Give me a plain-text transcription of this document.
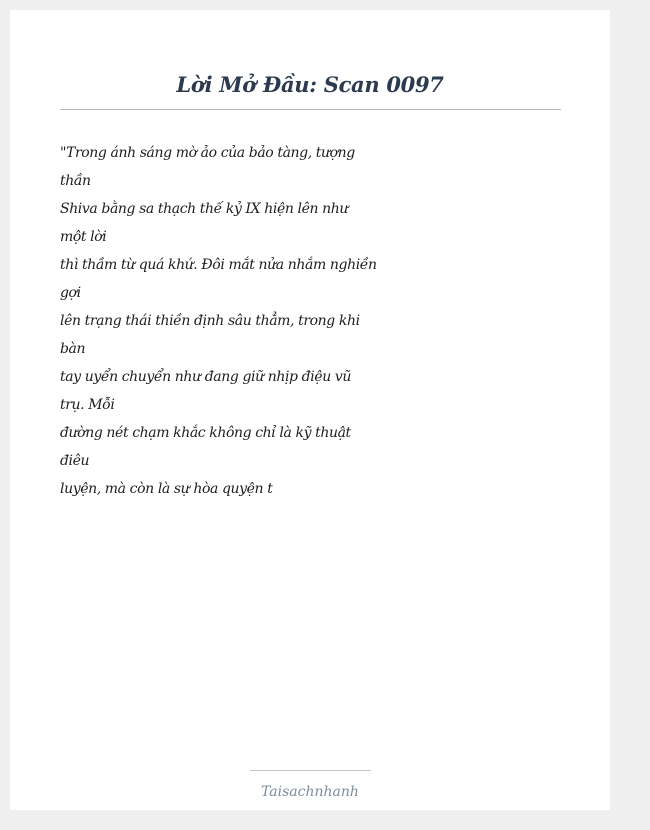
Lời Mở Đầu: Scan 0097
"Trong ánh sáng mờ ảo của bảo tàng, tượng
thần
Shiva bằng sa thạch thế kỷ IX hiện lên như
một lời
thì thầm từ quá khứ. Đôi mắt nửa nhắm nghiền
gợi
lên trạng thái thiền định sâu thẳm, trong khi
bàn
tay uyển chuyển như đang giữ nhịp điệu vũ
trụ. Mỗi
đường nét chạm khắc không chỉ là kỹ thuật
điêu
luyện, mà còn là sự hòa quyện t
Taisachnhanh
